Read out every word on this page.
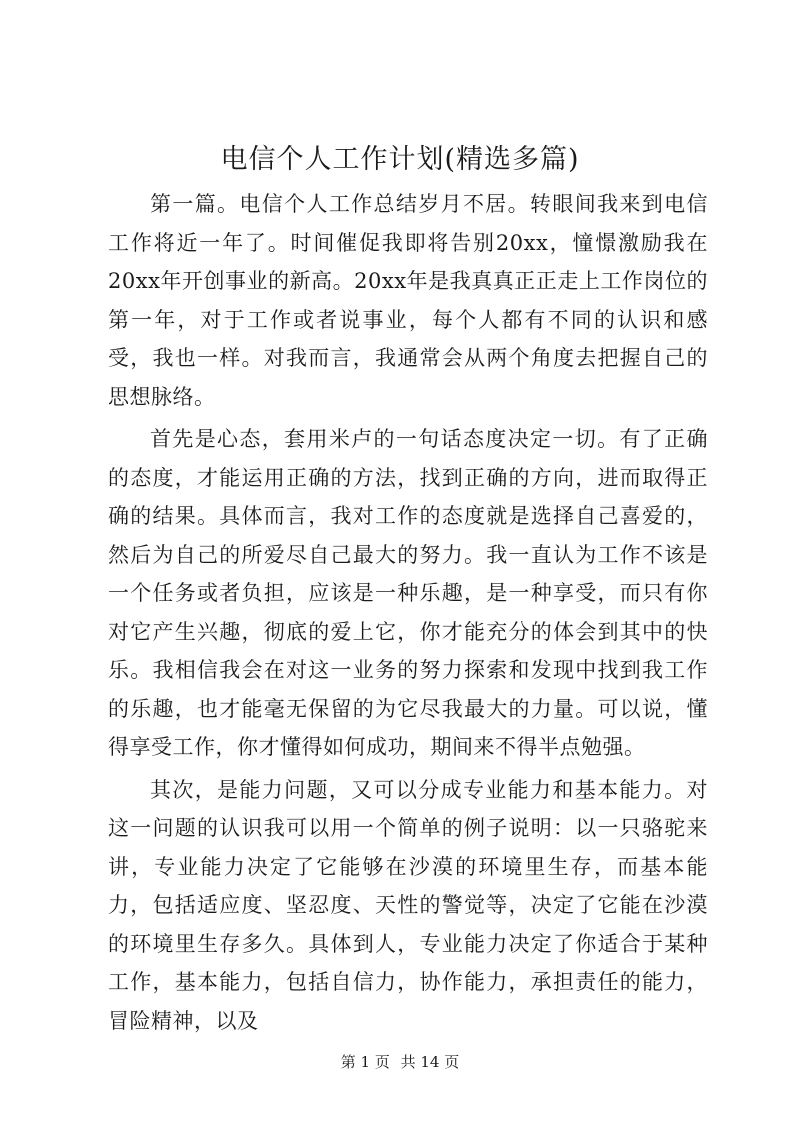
电信个人工作计划(精选多篇)

第一篇。电信个人工作总结岁月不居。转眼间我来到电信工作将近一年了。时间催促我即将告别20xx，憧憬激励我在20xx年开创事业的新高。20xx年是我真真正正走上工作岗位的第一年，对于工作或者说事业，每个人都有不同的认识和感受，我也一样。对我而言，我通常会从两个角度去把握自己的思想脉络。

首先是心态，套用米卢的一句话态度决定一切。有了正确的态度，才能运用正确的方法，找到正确的方向，进而取得正确的结果。具体而言，我对工作的态度就是选择自己喜爱的，然后为自己的所爱尽自己最大的努力。我一直认为工作不该是一个任务或者负担，应该是一种乐趣，是一种享受，而只有你对它产生兴趣，彻底的爱上它，你才能充分的体会到其中的快乐。我相信我会在对这一业务的努力探索和发现中找到我工作的乐趣，也才能毫无保留的为它尽我最大的力量。可以说，懂得享受工作，你才懂得如何成功，期间来不得半点勉强。

其次，是能力问题，又可以分成专业能力和基本能力。对这一问题的认识我可以用一个简单的例子说明：以一只骆驼来讲，专业能力决定了它能够在沙漠的环境里生存，而基本能力，包括适应度、坚忍度、天性的警觉等，决定了它能在沙漠的环境里生存多久。具体到人，专业能力决定了你适合于某种工作，基本能力，包括自信力，协作能力，承担责任的能力，冒险精神，以及

第 1 页 共 14 页
